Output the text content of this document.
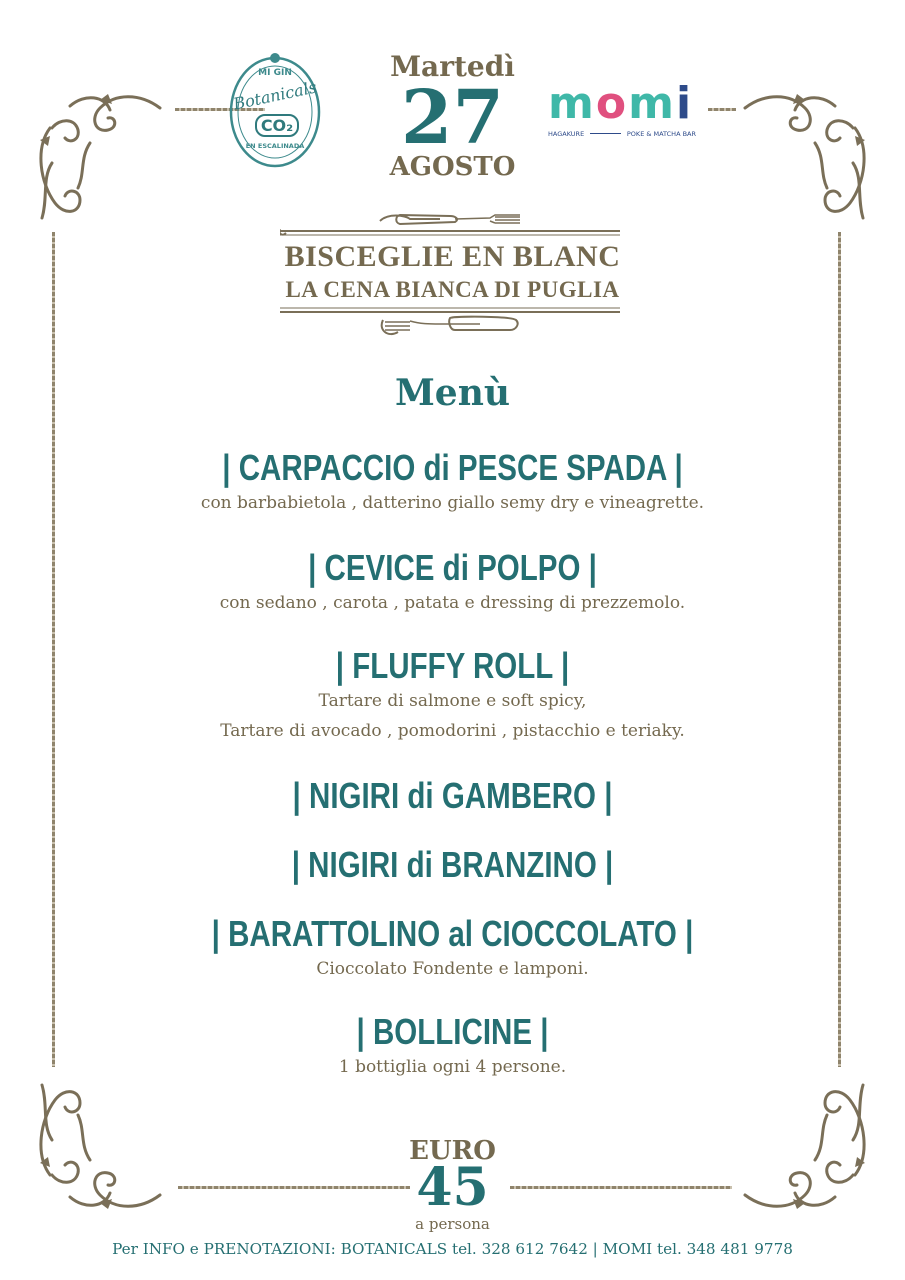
MI GIN
Botanicals
CO₂
EN ESCALINADA
Martedì
27
AGOSTO
momi
HAGAKURE	POKE & MATCHA BAR
BISCEGLIE EN BLANC
LA CENA BIANCA DI PUGLIA
Menù
| CARPACCIO di PESCE SPADA |
con barbabietola , datterino giallo semy dry e vineagrette.
| CEVICE di POLPO |
con sedano , carota , patata e dressing di prezzemolo.
| FLUFFY ROLL |
Tartare di salmone e soft spicy,
Tartare di avocado , pomodorini , pistacchio e teriaky.
| NIGIRI di GAMBERO |
| NIGIRI di BRANZINO |
| BARATTOLINO al CIOCCOLATO |
Cioccolato Fondente e lamponi.
| BOLLICINE |
1 bottiglia ogni 4 persone.
EURO
45
a persona
Per INFO e PRENOTAZIONI: BOTANICALS tel. 328 612 7642 | MOMI tel. 348 481 9778
